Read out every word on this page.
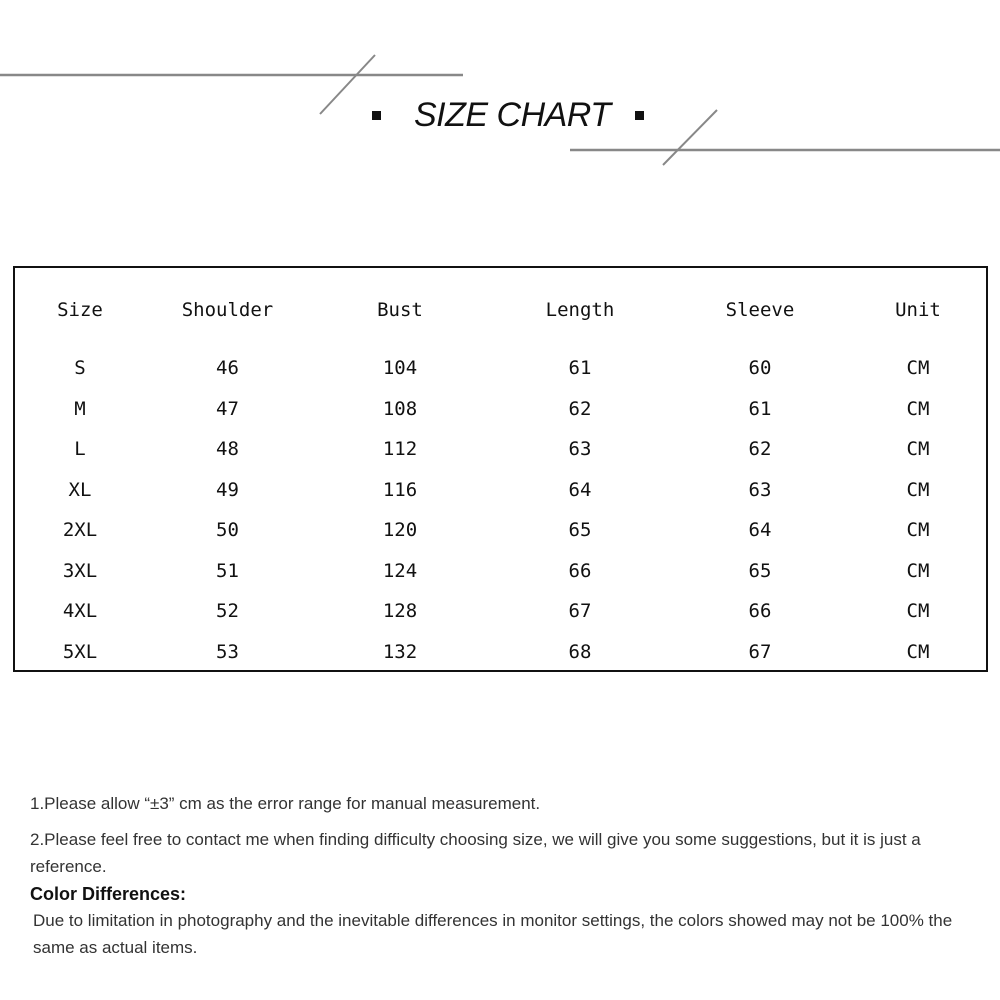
SIZE CHART
Size	Shoulder	Bust	Length	Sleeve	Unit

S	46	104	61	60	CM
M	47	108	62	61	CM
L	48	112	63	62	CM
XL	49	116	64	63	CM
2XL	50	120	65	64	CM
3XL	51	124	66	65	CM
4XL	52	128	67	66	CM
5XL	53	132	68	67	CM

1.Please allow “±3” cm as the error range for manual measurement.

2.Please feel free to contact me when finding difficulty choosing size, we will give you some suggestions, but it is just a reference.

Color Differences:

Due to limitation in photography and the inevitable differences in monitor settings, the colors showed may not be 100% the same as actual items.
